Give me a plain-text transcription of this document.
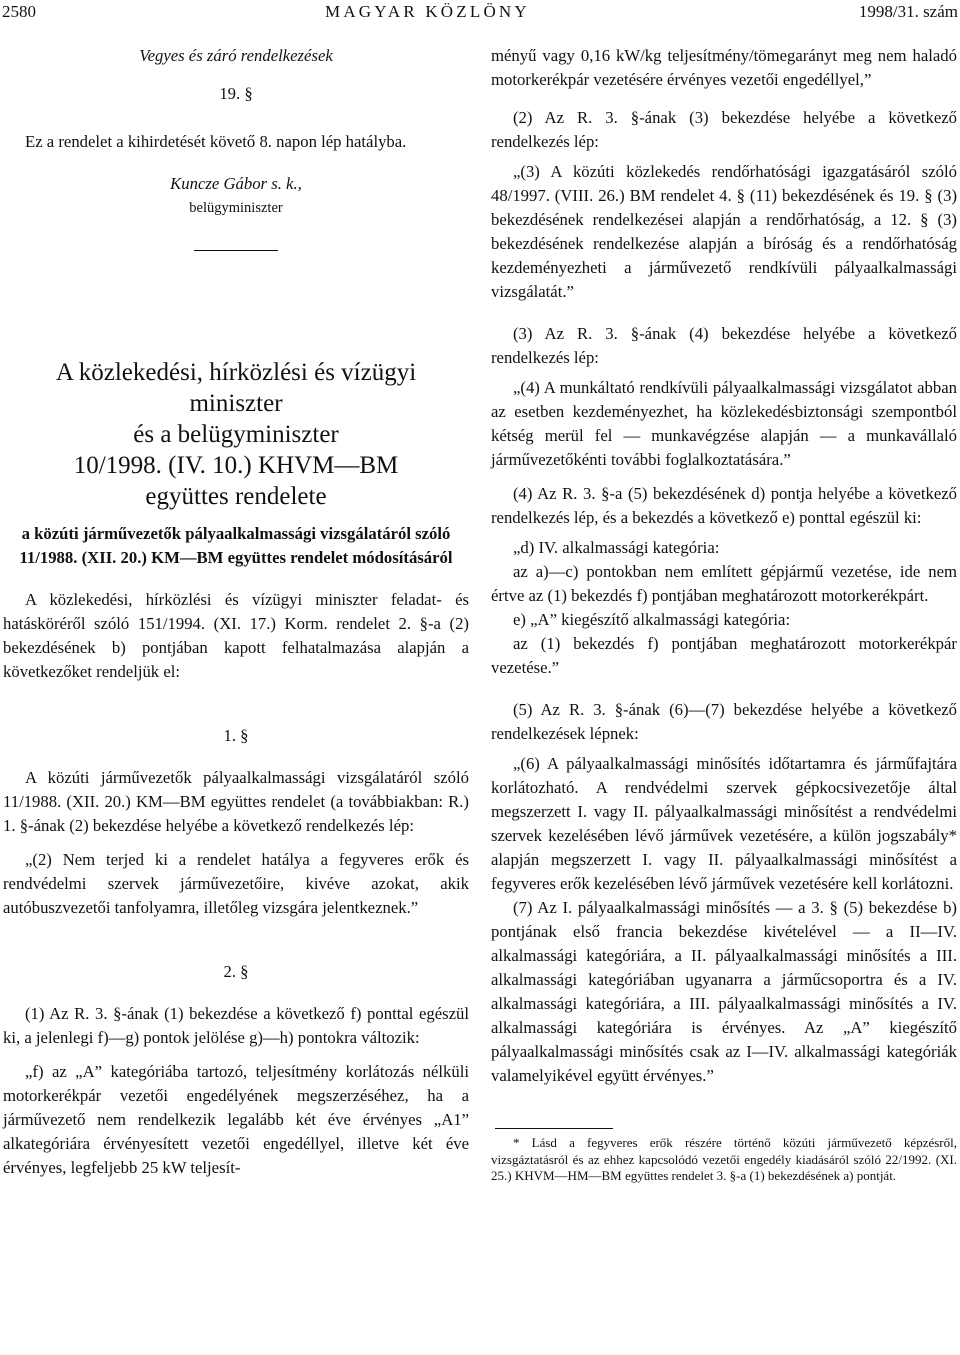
2580	MAGYAR KÖZLÖNY	1998/31. szám

Vegyes és záró rendelkezések

19. §

Ez a rendelet a kihirdetését követő 8. napon lép hatályba.

Kuncze Gábor s. k.,

belügyminiszter

A közlekedési, hírközlési és vízügyi

miniszter

és a belügyminiszter

10/1998. (IV. 10.) KHVM—BM

együttes rendelete

a közúti járművezetők pályaalkalmassági vizsgálatáról szóló 11/1988. (XII. 20.) KM—BM együttes rendelet módosításáról

A közlekedési, hírközlési és vízügyi miniszter feladat- és hatásköréről szóló 151/1994. (XI. 17.) Korm. rendelet 2. §-a (2) bekezdésének b) pontjában kapott felhatalmazása alapján a következőket rendeljük el:

1. §

A közúti járművezetők pályaalkalmassági vizsgálatáról szóló 11/1988. (XII. 20.) KM—BM együttes rendelet (a továbbiakban: R.) 1. §-ának (2) bekezdése helyébe a következő rendelkezés lép:

„(2) Nem terjed ki a rendelet hatálya a fegyveres erők és rendvédelmi szervek járművezetőire, kivéve azokat, akik autóbuszvezetői tanfolyamra, illetőleg vizsgára jelentkeznek.”

2. §

(1) Az R. 3. §-ának (1) bekezdése a következő f) ponttal egészül ki, a jelenlegi f)—g) pontok jelölése g)—h) pontokra változik:

„f) az „A” kategóriába tartozó, teljesítmény korlátozás nélküli motorkerékpár vezetői engedélyének megszerzéséhez, ha a járművezető nem rendelkezik legalább két éve érvényes „A1” alkategóriára érvényesített vezetői engedéllyel, illetve két éve érvényes, legfeljebb 25 kW teljesít-

ményű vagy 0,16 kW/kg teljesítmény/tömegarányt meg nem haladó motorkerékpár vezetésére érvényes vezetői engedéllyel,”

(2) Az R. 3. §-ának (3) bekezdése helyébe a következő rendelkezés lép:

„(3) A közúti közlekedés rendőrhatósági igazgatásáról szóló 48/1997. (VIII. 26.) BM rendelet 4. § (11) bekezdésének és 19. § (3) bekezdésének rendelkezései alapján a rendőrhatóság, a 12. § (3) bekezdésének rendelkezése alapján a bíróság és a rendőrhatóság kezdeményezheti a járművezető rendkívüli pályaalkalmassági vizsgálatát.”

(3) Az R. 3. §-ának (4) bekezdése helyébe a következő rendelkezés lép:

„(4) A munkáltató rendkívüli pályaalkalmassági vizsgálatot abban az esetben kezdeményezhet, ha közlekedésbiztonsági szempontból kétség merül fel — munkavégzése alapján — a munkavállaló járművezetőkénti további foglalkoztatására.”

(4) Az R. 3. §-a (5) bekezdésének d) pontja helyébe a következő rendelkezés lép, és a bekezdés a következő e) ponttal egészül ki:

„d) IV. alkalmassági kategória:

az a)—c) pontokban nem említett gépjármű vezetése, ide nem értve az (1) bekezdés f) pontjában meghatározott motorkerékpárt.

e) „A” kiegészítő alkalmassági kategória:

az (1) bekezdés f) pontjában meghatározott motorkerékpár vezetése.”

(5) Az R. 3. §-ának (6)—(7) bekezdése helyébe a következő rendelkezések lépnek:

„(6) A pályaalkalmassági minősítés időtartamra és járműfajtára korlátozható. A rendvédelmi szervek gépkocsivezetője által megszerzett I. vagy II. pályaalkalmassági minősítést a rendvédelmi szervek kezelésében lévő járművek vezetésére, a külön jogszabály* alapján megszerzett I. vagy II. pályaalkalmassági minősítést a fegyveres erők kezelésében lévő járművek vezetésére kell korlátozni.

(7) Az I. pályaalkalmassági minősítés — a 3. § (5) bekezdése b) pontjának első francia bekezdése kivételével — a II—IV. alkalmassági kategóriára, a II. pályaalkalmassági minősítés a III. alkalmassági kategóriában ugyanarra a járműcsoportra és a IV. alkalmassági kategóriára, a III. pályaalkalmassági minősítés a IV. alkalmassági kategóriára is érvényes. Az „A” kiegészítő pályaalkalmassági minősítés csak az I—IV. alkalmassági kategóriák valamelyikével együtt érvényes.”

* Lásd a fegyveres erők részére történő közúti járművezető képzésről, vizsgáztatásról és az ehhez kapcsolódó vezetői engedély kiadásáról szóló 22/1992. (XI. 25.) KHVM—HM—BM együttes rendelet 3. §-a (1) bekezdésének a) pontját.
